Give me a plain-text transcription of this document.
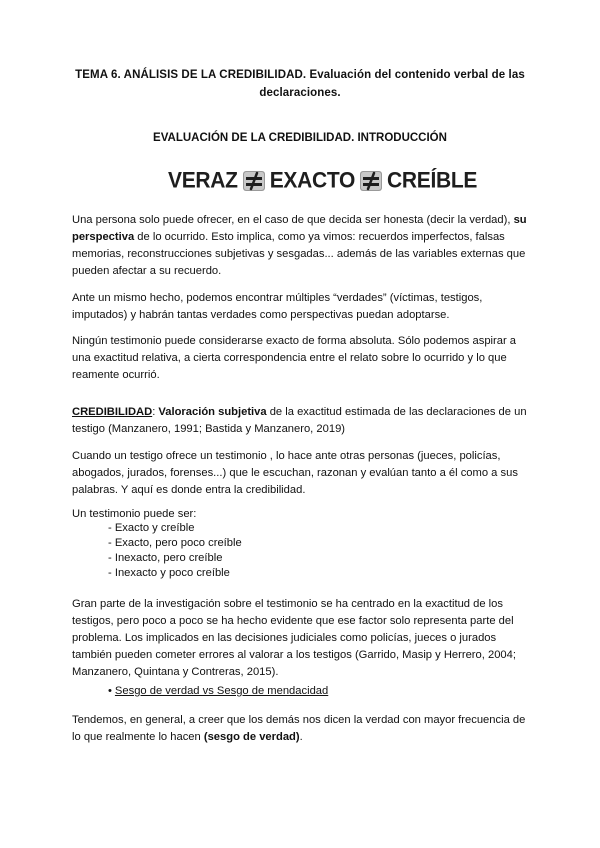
TEMA 6. ANÁLISIS DE LA CREDIBILIDAD. Evaluación del contenido verbal de las
declaraciones.
EVALUACIÓN DE LA CREDIBILIDAD. INTRODUCCIÓN
VERAZ EXACTO CREÍBLE
Una persona solo puede ofrecer, en el caso de que decida ser honesta (decir la verdad), su perspectiva de lo ocurrido. Esto implica, como ya vimos: recuerdos imperfectos, falsas memorias, reconstrucciones subjetivas y sesgadas... además de las variables externas que pueden afectar a su recuerdo.
Ante un mismo hecho, podemos encontrar múltiples “verdades” (víctimas, testigos, imputados) y habrán tantas verdades como perspectivas puedan adoptarse.
Ningún testimonio puede considerarse exacto de forma absoluta. Sólo podemos aspirar a una exactitud relativa, a cierta correspondencia entre el relato sobre lo ocurrido y lo que reamente ocurrió.
CREDIBILIDAD: Valoración subjetiva de la exactitud estimada de las declaraciones de un testigo (Manzanero, 1991; Bastida y Manzanero, 2019)
Cuando un testigo ofrece un testimonio , lo hace ante otras personas (jueces, policías, abogados, jurados, forenses...) que le escuchan, razonan y evalúan tanto a él como a sus palabras. Y aquí es donde entra la credibilidad.
Un testimonio puede ser:
- Exacto y creíble
- Exacto, pero poco creíble
- Inexacto, pero creíble
- Inexacto y poco creíble
Gran parte de la investigación sobre el testimonio se ha centrado en la exactitud de los testigos, pero poco a poco se ha hecho evidente que ese factor solo representa parte del problema. Los implicados en las decisiones judiciales como policías, jueces o jurados también pueden cometer errores al valorar a los testigos (Garrido, Masip y Herrero, 2004; Manzanero, Quintana y Contreras, 2015).
• Sesgo de verdad vs Sesgo de mendacidad
Tendemos, en general, a creer que los demás nos dicen la verdad con mayor frecuencia de lo que realmente lo hacen (sesgo de verdad).
